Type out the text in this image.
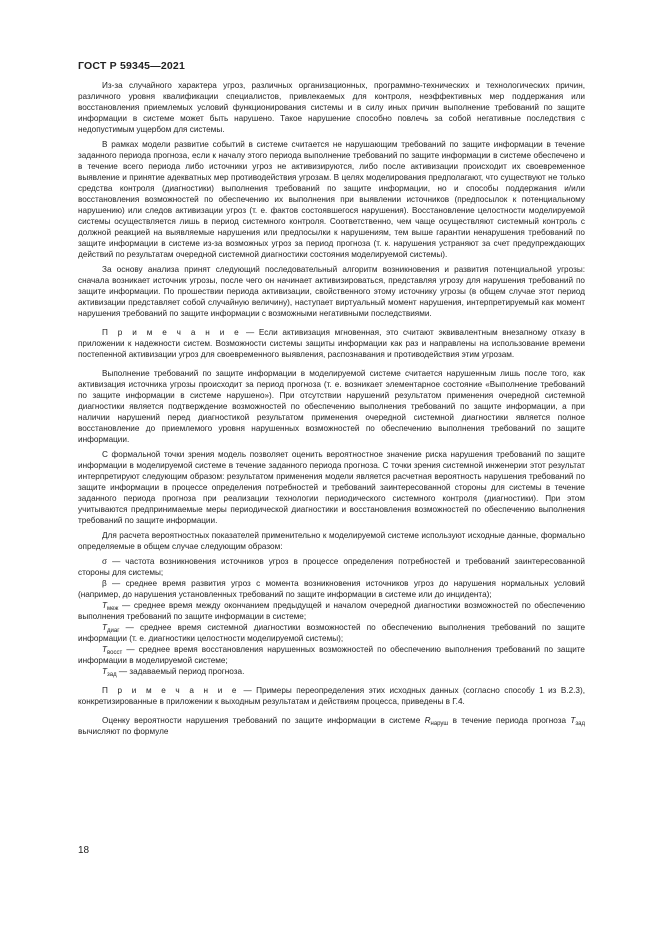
ГОСТ Р 59345—2021

Из-за случайного характера угроз, различных организационных, программно-технических и технологических причин, различного уровня квалификации специалистов, привлекаемых для контроля, неэффективных мер поддержания или восстановления приемлемых условий функционирования системы и в силу иных причин выполнение требований по защите информации в системе может быть нарушено. Такое нарушение способно повлечь за собой негативные последствия с недопустимым ущербом для системы.

В рамках модели развитие событий в системе считается не нарушающим требований по защите информации в течение заданного периода прогноза, если к началу этого периода выполнение требований по защите информации в системе обеспечено и в течение всего периода либо источники угроз не активизируются, либо после активизации происходит их своевременное выявление и принятие адекватных мер противодействия угрозам. В целях моделирования предполагают, что существуют не только средства контроля (диагностики) выполнения требований по защите информации, но и способы поддержания и/или восстановления возможностей по обеспечению их выполнения при выявлении источников (предпосылок к потенциальному нарушению) или следов активизации угроз (т. е. фактов состоявшегося нарушения). Восстановление целостности моделируемой системы осуществляется лишь в период системного контроля. Соответственно, чем чаще осуществляют системный контроль с должной реакцией на выявляемые нарушения или предпосылки к нарушениям, тем выше гарантии ненарушения требований по защите информации в системе из-за возможных угроз за период прогноза (т. к. нарушения устраняют за счет предупреждающих действий по результатам очередной системной диагностики состояния моделируемой системы).

За основу анализа принят следующий последовательный алгоритм возникновения и развития потенциальной угрозы: сначала возникает источник угрозы, после чего он начинает активизироваться, представляя угрозу для нарушения требований по защите информации. По прошествии периода активизации, свойственного этому источнику угрозы (в общем случае этот период активизации представляет собой случайную величину), наступает виртуальный момент нарушения, интерпретируемый как момент нарушения требований по защите информации с возможными негативными последствиями.

П р и м е ч а н и е — Если активизация мгновенная, это считают эквивалентным внезапному отказу в приложении к надежности систем. Возможности системы защиты информации как раз и направлены на использование времени постепенной активизации угроз для своевременного выявления, распознавания и противодействия этим угрозам.

Выполнение требований по защите информации в моделируемой системе считается нарушенным лишь после того, как активизация источника угрозы происходит за период прогноза (т. е. возникает элементарное состояние «Выполнение требований по защите информации в системе нарушено»). При отсутствии нарушений результатом применения очередной системной диагностики является подтверждение возможностей по обеспечению выполнения требований по защите информации, а при наличии нарушений перед диагностикой результатом применения очередной системной диагностики является полное восстановление до приемлемого уровня нарушенных возможностей по обеспечению выполнения требований по защите информации.

С формальной точки зрения модель позволяет оценить вероятностное значение риска нарушения требований по защите информации в моделируемой системе в течение заданного периода прогноза. С точки зрения системной инженерии этот результат интерпретируют следующим образом: результатом применения модели является расчетная вероятность нарушения требований по защите информации в процессе определения потребностей и требований заинтересованной стороны для системы в течение заданного периода прогноза при реализации технологии периодического системного контроля (диагностики). При этом учитываются предпринимаемые меры периодической диагностики и восстановления возможностей по обеспечению выполнения требований по защите информации.

Для расчета вероятностных показателей применительно к моделируемой системе используют исходные данные, формально определяемые в общем случае следующим образом:

σ — частота возникновения источников угроз в процессе определения потребностей и требований заинтересованной стороны для системы;

β — среднее время развития угроз с момента возникновения источников угроз до нарушения нормальных условий (например, до нарушения установленных требований по защите информации в системе или до инцидента);

$T_{меж}$ — среднее время между окончанием предыдущей и началом очередной диагностики возможностей по обеспечению выполнения требований по защите информации в системе;

$T_{диаг}$ — среднее время системной диагностики возможностей по обеспечению выполнения требований по защите информации (т. е. диагностики целостности моделируемой системы);

$T_{восст}$ — среднее время восстановления нарушенных возможностей по обеспечению выполнения требований по защите информации в моделируемой системе;

$T_{зад}$ — задаваемый период прогноза.

П р и м е ч а н и е — Примеры переопределения этих исходных данных (согласно способу 1 из В.2.3), конкретизированные в приложении к выходным результатам и действиям процесса, приведены в Г.4.

Оценку вероятности нарушения требований по защите информации в системе $R_{наруш}$ в течение периода прогноза $T_{зад}$ вычисляют по формуле

18
